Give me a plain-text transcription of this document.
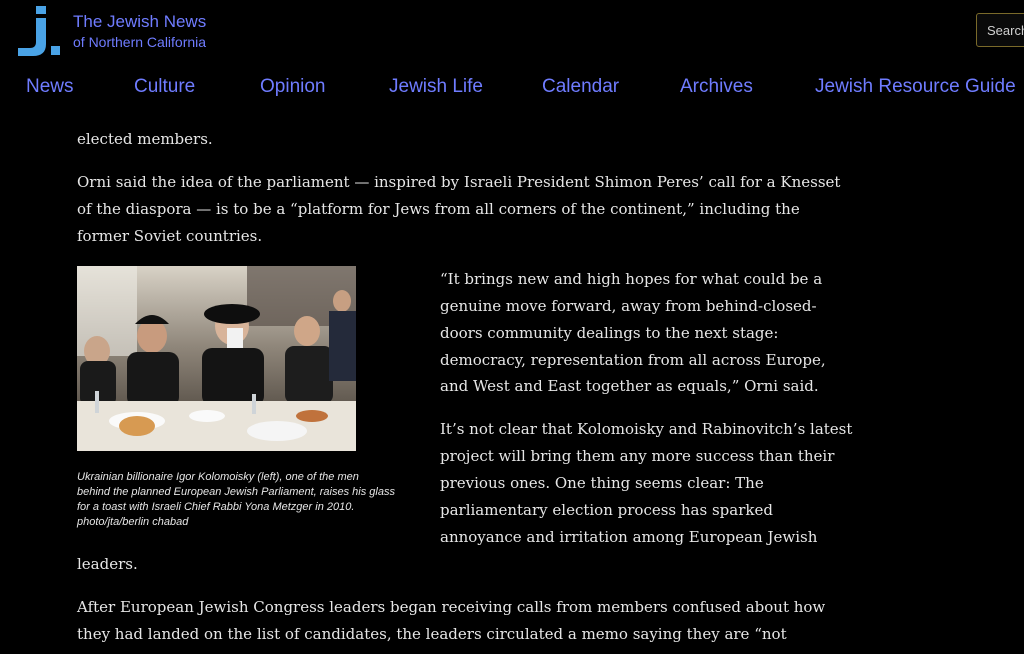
The Jewish News
of Northern California
Search
News	Culture	Opinion	Jewish Life	Calendar	Archives	Jewish Resource Guide

elected members.

Orni said the idea of the parliament — inspired by Israeli President Shimon Peres’ call for a Knesset

of the diaspora — is to be a “platform for Jews from all corners of the continent,” including the

former Soviet countries.

Ukrainian billionaire Igor Kolomoisky (left), one of the men
behind the planned European Jewish Parliament, raises his glass
for a toast with Israeli Chief Rabbi Yona Metzger in 2010.
photo/jta/berlin chabad

“It brings new and high hopes for what could be a

genuine move forward, away from behind-closed-

doors community dealings to the next stage:

democracy, representation from all across Europe,

and West and East together as equals,” Orni said.

It’s not clear that Kolomoisky and Rabinovitch’s latest

project will bring them any more success than their

previous ones. One thing seems clear: The

parliamentary election process has sparked

annoyance and irritation among European Jewish

leaders.

After European Jewish Congress leaders began receiving calls from members confused about how

they had landed on the list of candidates, the leaders circulated a memo saying they are “not
